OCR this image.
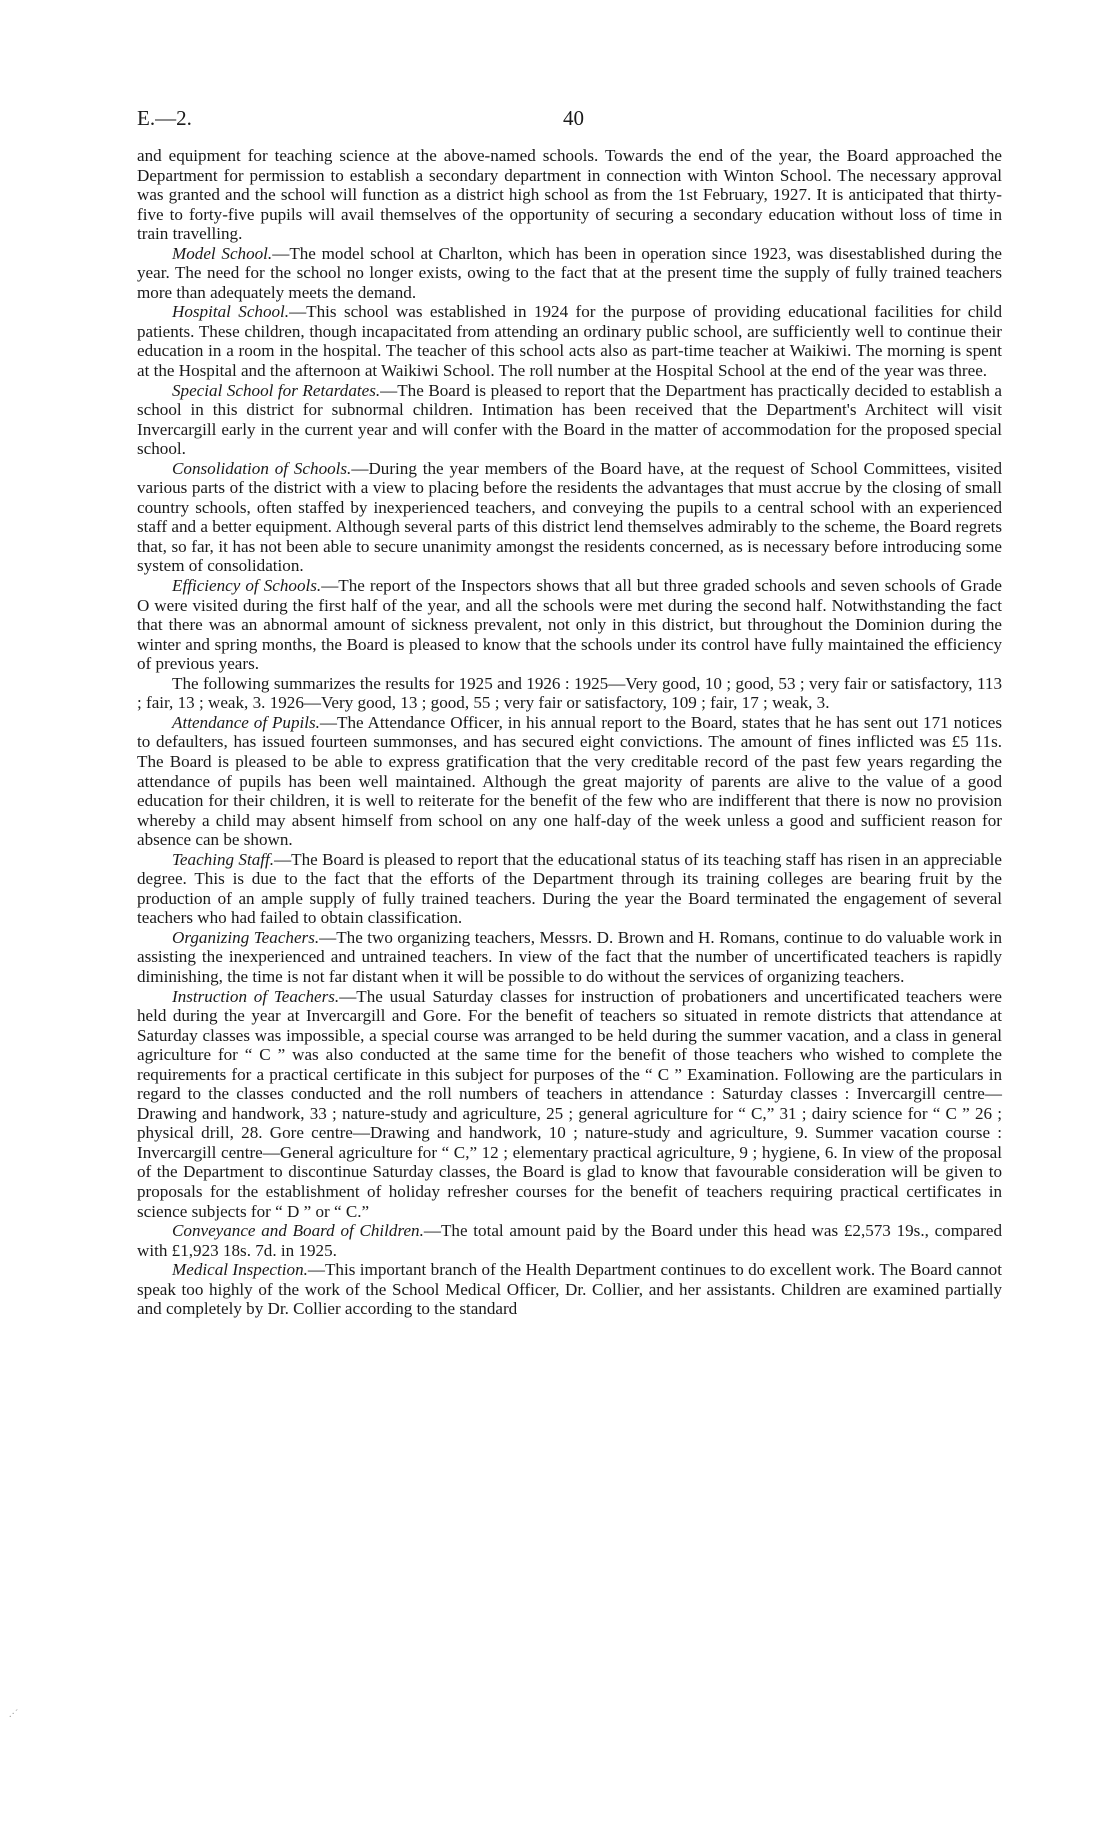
E.—2.	40

and equipment for teaching science at the above-named schools. Towards the end of the year, the Board approached the Department for permission to establish a secondary department in connection with Winton School. The necessary approval was granted and the school will function as a district high school as from the 1st February, 1927. It is anticipated that thirty-five to forty-five pupils will avail themselves of the opportunity of securing a secondary education without loss of time in train travelling.

Model School.—The model school at Charlton, which has been in operation since 1923, was disestablished during the year. The need for the school no longer exists, owing to the fact that at the present time the supply of fully trained teachers more than adequately meets the demand.

Hospital School.—This school was established in 1924 for the purpose of providing educational facilities for child patients. These children, though incapacitated from attending an ordinary public school, are sufficiently well to continue their education in a room in the hospital. The teacher of this school acts also as part-time teacher at Waikiwi. The morning is spent at the Hospital and the afternoon at Waikiwi School. The roll number at the Hospital School at the end of the year was three.

Special School for Retardates.—The Board is pleased to report that the Department has practically decided to establish a school in this district for subnormal children. Intimation has been received that the Department's Architect will visit Invercargill early in the current year and will confer with the Board in the matter of accommodation for the proposed special school.

Consolidation of Schools.—During the year members of the Board have, at the request of School Committees, visited various parts of the district with a view to placing before the residents the advantages that must accrue by the closing of small country schools, often staffed by inexperienced teachers, and conveying the pupils to a central school with an experienced staff and a better equipment. Although several parts of this district lend themselves admirably to the scheme, the Board regrets that, so far, it has not been able to secure unanimity amongst the residents concerned, as is necessary before introducing some system of consolidation.

Efficiency of Schools.—The report of the Inspectors shows that all but three graded schools and seven schools of Grade O were visited during the first half of the year, and all the schools were met during the second half. Notwithstanding the fact that there was an abnormal amount of sickness prevalent, not only in this district, but throughout the Dominion during the winter and spring months, the Board is pleased to know that the schools under its control have fully maintained the efficiency of previous years.

The following summarizes the results for 1925 and 1926 : 1925—Very good, 10 ; good, 53 ; very fair or satisfactory, 113 ; fair, 13 ; weak, 3. 1926—Very good, 13 ; good, 55 ; very fair or satisfactory, 109 ; fair, 17 ; weak, 3.

Attendance of Pupils.—The Attendance Officer, in his annual report to the Board, states that he has sent out 171 notices to defaulters, has issued fourteen summonses, and has secured eight convictions. The amount of fines inflicted was £5 11s. The Board is pleased to be able to express gratification that the very creditable record of the past few years regarding the attendance of pupils has been well maintained. Although the great majority of parents are alive to the value of a good education for their children, it is well to reiterate for the benefit of the few who are indifferent that there is now no provision whereby a child may absent himself from school on any one half-day of the week unless a good and sufficient reason for absence can be shown.

Teaching Staff.—The Board is pleased to report that the educational status of its teaching staff has risen in an appreciable degree. This is due to the fact that the efforts of the Department through its training colleges are bearing fruit by the production of an ample supply of fully trained teachers. During the year the Board terminated the engagement of several teachers who had failed to obtain classification.

Organizing Teachers.—The two organizing teachers, Messrs. D. Brown and H. Romans, continue to do valuable work in assisting the inexperienced and untrained teachers. In view of the fact that the number of uncertificated teachers is rapidly diminishing, the time is not far distant when it will be possible to do without the services of organizing teachers.

Instruction of Teachers.—The usual Saturday classes for instruction of probationers and uncertificated teachers were held during the year at Invercargill and Gore. For the benefit of teachers so situated in remote districts that attendance at Saturday classes was impossible, a special course was arranged to be held during the summer vacation, and a class in general agriculture for “ C ” was also conducted at the same time for the benefit of those teachers who wished to complete the requirements for a practical certificate in this subject for purposes of the “ C ” Examination. Following are the particulars in regard to the classes conducted and the roll numbers of teachers in attendance : Saturday classes : Invercargill centre—Drawing and handwork, 33 ; nature-study and agriculture, 25 ; general agriculture for “ C,” 31 ; dairy science for “ C ” 26 ; physical drill, 28. Gore centre—Drawing and handwork, 10 ; nature-study and agriculture, 9. Summer vacation course : Invercargill centre—General agriculture for “ C,” 12 ; elementary practical agriculture, 9 ; hygiene, 6. In view of the proposal of the Department to discontinue Saturday classes, the Board is glad to know that favourable consideration will be given to proposals for the establishment of holiday refresher courses for the benefit of teachers requiring practical certificates in science subjects for “ D ” or “ C.”

Conveyance and Board of Children.—The total amount paid by the Board under this head was £2,573 19s., compared with £1,923 18s. 7d. in 1925.

Medical Inspection.—This important branch of the Health Department continues to do excellent work. The Board cannot speak too highly of the work of the School Medical Officer, Dr. Collier, and her assistants. Children are examined partially and completely by Dr. Collier according to the standard

.·´
